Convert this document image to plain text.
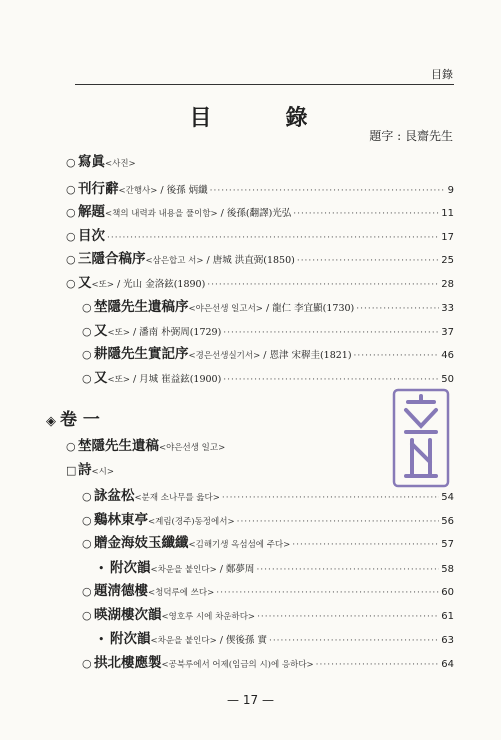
目錄
目　錄
題字 : 艮齋先生
○ 寫眞 <사진>
○ 刊行辭 <간행사> / 後孫 炳纖 ·····	9
○ 解題 <책의 내력과 내용을 풀이함> / 後孫(翻譯)光弘 ·····	11
○ 目次 ·····	17
○ 三隱合稿序 <삼은합고 서> / 唐城 洪直弼(1850) ·····	25
○ 又 <또> / 光山 金洛鉉(1890) ·····	28
○ 埜隱先生遺稿序 <야은선생 일고서> / 龍仁 李宜顯(1730) ·····	33
○ 又 <또> / 潘南 朴弼周(1729) ·····	37
○ 耕隱先生實記序 <경은선생실기서> / 恩津 宋稺圭(1821) ·····	46
○ 又 <또> / 月城 崔益鉉(1900) ·····	50
◈ 卷 一
○ 埜隱先生遺稿 <야은선생 일고>
□ 詩 <시>
○ 詠盆松 <분재 소나무를 읊다> ·····	54
○ 鷄林東亭 <계림(경주)동정에서> ·····	56
○ 贈金海妓玉纖纖 <김해기생 옥섬섬에 주다> ·····	57
• 附次韻 <차운을 붙인다> / 鄭夢周 ·····	58
○ 題淸德樓 <청덕루에 쓰다> ·····	60
○ 暎湖樓次韻 <영호루 시에 차운하다> ·····	61
• 附次韻 <차운을 붙인다> / 偰後孫 實 ·····	63
○ 拱北樓應製 <공북루에서 어제(임금의 시)에 응하다> ·····	64
— 17 —
